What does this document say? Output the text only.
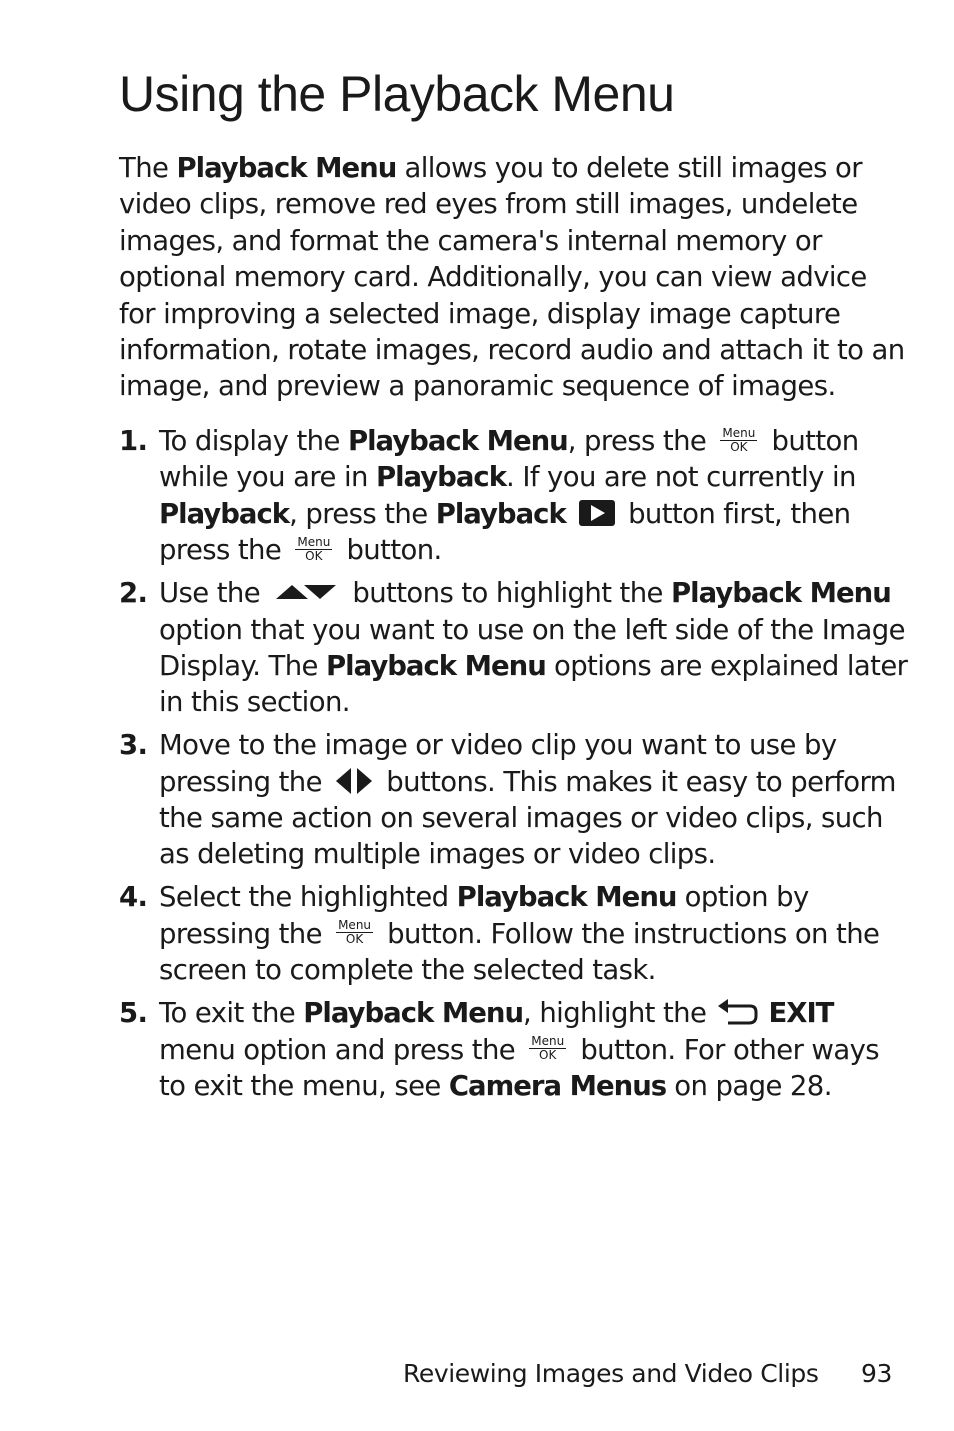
Using the Playback Menu

The Playback Menu allows you to delete still images or video clips, remove red eyes from still images, undelete images, and format the camera's internal memory or optional memory card. Additionally, you can view advice for improving a selected image, display image capture information, rotate images, record audio and attach it to an image, and preview a panoramic sequence of images.

1. To display the Playback Menu, press the Menu
OK button while you are in Playback. If you are not currently in Playback, press the Playback  button first, then press the Menu
OK button.
2. Use the	buttons to highlight the Playback Menu option that you want to use on the left side of the Image Display. The Playback Menu options are explained later in this section.
3. Move to the image or video clip you want to use by pressing the  buttons. This makes it easy to perform the same action on several images or video clips, such as deleting multiple images or video clips.
4. Select the highlighted Playback Menu option by pressing the Menu
OK button. Follow the instructions on the screen to complete the selected task.
5. To exit the Playback Menu, highlight the EXIT menu option and press the Menu
OK button. For other ways to exit the menu, see Camera Menus on page 28.
Reviewing Images and Video Clips 93
